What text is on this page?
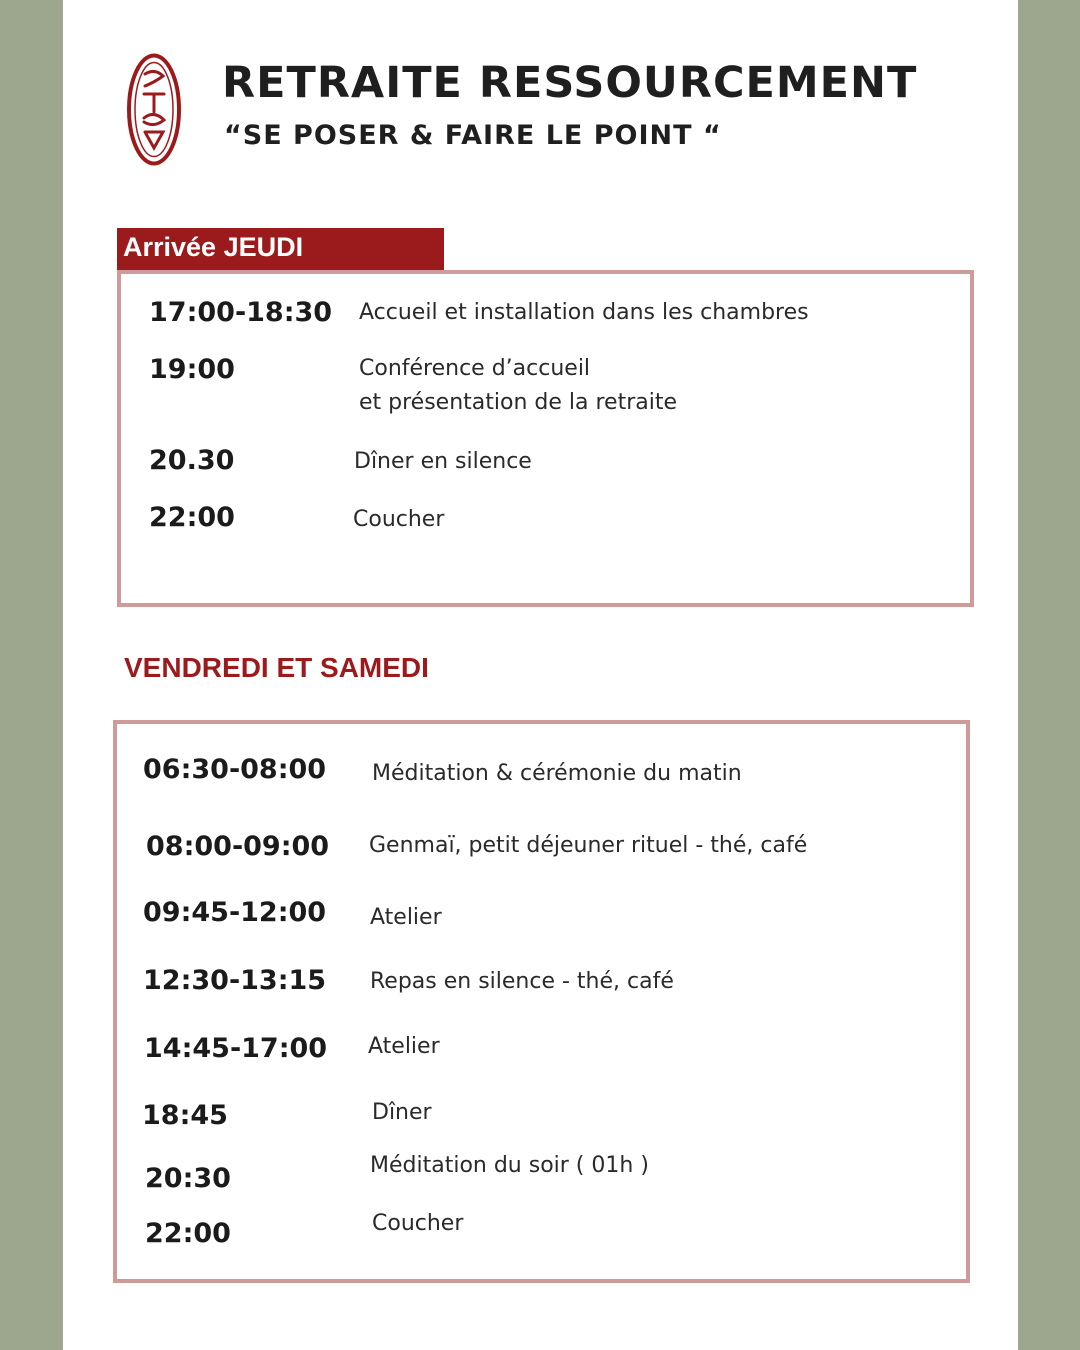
RETRAITE RESSOURCEMENT
“SE POSER & FAIRE LE POINT “
Arrivée JEUDI
17:00-18:30 Accueil et installation dans les chambres
19:00	Conférence d’accueil
et présentation de la retraite
20.30	Dîner en silence
22:00	Coucher
VENDREDI ET SAMEDI
06:30-08:00 Méditation & cérémonie du matin
08:00-09:00 Genmaï, petit déjeuner rituel - thé, café
09:45-12:00 Atelier
12:30-13:15 Repas en silence - thé, café
14:45-17:00 Atelier
18:45	Dîner
20:30	Méditation du soir ( 01h )
22:00	Coucher
